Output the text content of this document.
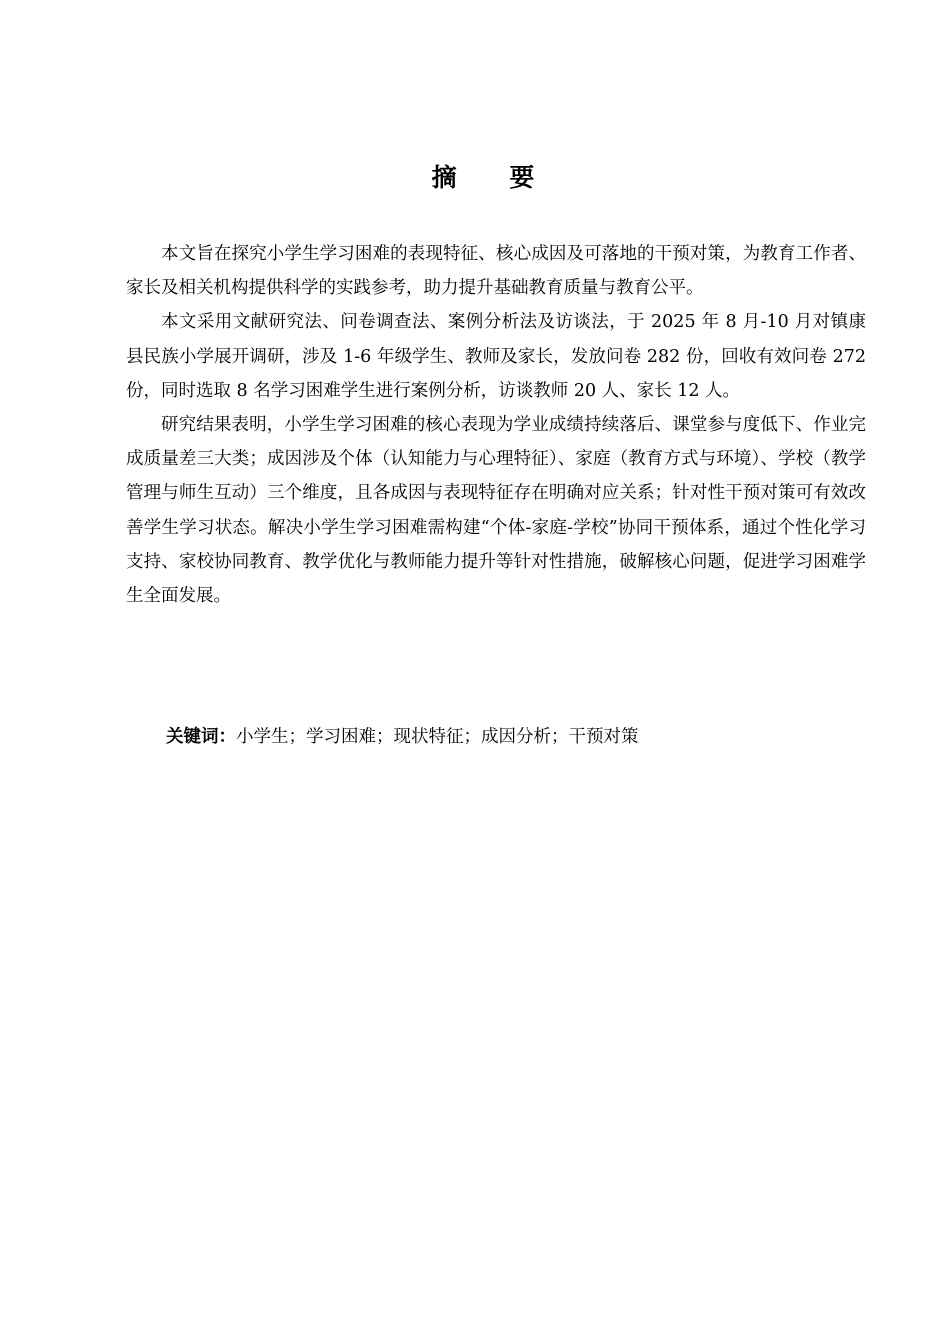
摘 要

本文旨在探究小学生学习困难的表现特征、核心成因及可落地的干预对策，为教育工作者、家长及相关机构提供科学的实践参考，助力提升基础教育质量与教育公平。

本文采用文献研究法、问卷调查法、案例分析法及访谈法，于 2025 年 8 月-10 月对镇康县民族小学展开调研，涉及 1-6 年级学生、教师及家长，发放问卷 282 份，回收有效问卷 272 份，同时选取 8 名学习困难学生进行案例分析，访谈教师 20 人、家长 12 人。

研究结果表明，小学生学习困难的核心表现为学业成绩持续落后、课堂参与度低下、作业完成质量差三大类；成因涉及个体（认知能力与心理特征）、家庭（教育方式与环境）、学校（教学管理与师生互动）三个维度，且各成因与表现特征存在明确对应关系；针对性干预对策可有效改善学生学习状态。解决小学生学习困难需构建“个体-家庭-学校”协同干预体系，通过个性化学习支持、家校协同教育、教学优化与教师能力提升等针对性措施，破解核心问题，促进学习困难学生全面发展。

关键词：小学生；学习困难；现状特征；成因分析；干预对策
